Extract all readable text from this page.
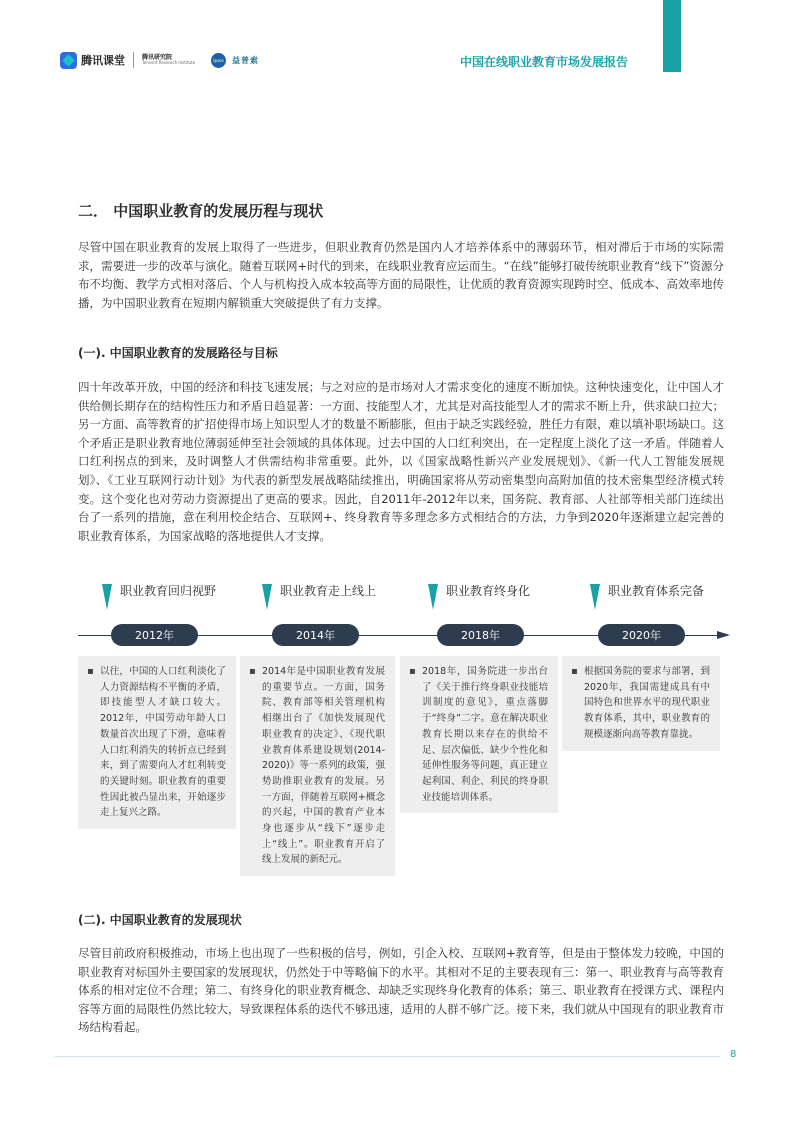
腾讯课堂	腾讯研究院
Tencent Research Institute
Ipsos 益普索	中国在线职业教育市场发展报告
二． 中国职业教育的发展历程与现状

尽管中国在职业教育的发展上取得了一些进步，但职业教育仍然是国内人才培养体系中的薄弱环节，相对滞后于市场的实际需求，需要进一步的改革与演化。随着互联网+时代的到来，在线职业教育应运而生。“在线”能够打破传统职业教育“线下”资源分布不均衡、教学方式相对落后、个人与机构投入成本较高等方面的局限性，让优质的教育资源实现跨时空、低成本、高效率地传播，为中国职业教育在短期内解锁重大突破提供了有力支撑。

(一). 中国职业教育的发展路径与目标

四十年改革开放，中国的经济和科技飞速发展；与之对应的是市场对人才需求变化的速度不断加快。这种快速变化，让中国人才供给侧长期存在的结构性压力和矛盾日趋显著：一方面、技能型人才，尤其是对高技能型人才的需求不断上升，供求缺口拉大；另一方面、高等教育的扩招使得市场上知识型人才的数量不断膨胀，但由于缺乏实践经验，胜任力有限，难以填补职场缺口。这个矛盾正是职业教育地位薄弱延伸至社会领域的具体体现。过去中国的人口红利突出，在一定程度上淡化了这一矛盾。伴随着人口红利拐点的到来，及时调整人才供需结构非常重要。此外，以《国家战略性新兴产业发展规划》、《新一代人工智能发展规划》、《工业互联网行动计划》为代表的新型发展战略陆续推出，明确国家将从劳动密集型向高附加值的技术密集型经济模式转变。这个变化也对劳动力资源提出了更高的要求。因此，自2011年-2012年以来，国务院、教育部、人社部等相关部门连续出台了一系列的措施，意在利用校企结合、互联网+、终身教育等多理念多方式相结合的方法，力争到2020年逐渐建立起完善的职业教育体系，为国家战略的落地提供人才支撑。

职业教育回归视野
2012年
职业教育走上线上
2014年
职业教育终身化
2018年
职业教育体系完备
2020年
▪ 以往，中国的人口红利淡化了人力资源结构不平衡的矛盾，即技能型人才缺口较大。2012年，中国劳动年龄人口数量首次出现了下滑，意味着人口红利消失的转折点已经到来，到了需要向人才红利转变的关键时刻。职业教育的重要性因此被凸显出来，开始逐步走上复兴之路。
▪ 2014年是中国职业教育发展的重要节点。一方面，国务院、教育部等相关管理机构相继出台了《加快发展现代职业教育的决定》、《现代职业教育体系建设规划(2014-2020)》等一系列的政策，强势助推职业教育的发展。另一方面，伴随着互联网+概念的兴起，中国的教育产业本身也逐步从“线下”逐步走上“线上”。职业教育开启了线上发展的新纪元。
▪ 2018年，国务院进一步出台了《关于推行终身职业技能培训制度的意见》，重点落脚于“终身”二字。意在解决职业教育长期以来存在的供给不足、层次偏低、缺少个性化和延伸性服务等问题，真正建立起利国、利企、利民的终身职业技能培训体系。
▪ 根据国务院的要求与部署，到2020年，我国需建成具有中国特色和世界水平的现代职业教育体系，其中，职业教育的规模逐渐向高等教育靠拢。
(二). 中国职业教育的发展现状

尽管目前政府积极推动，市场上也出现了一些积极的信号，例如，引企入校、互联网+教育等，但是由于整体发力较晚，中国的职业教育对标国外主要国家的发展现状，仍然处于中等略偏下的水平。其相对不足的主要表现有三：第一、职业教育与高等教育体系的相对定位不合理；第二、有终身化的职业教育概念、却缺乏实现终身化教育的体系；第三、职业教育在授课方式、课程内容等方面的局限性仍然比较大，导致课程体系的迭代不够迅速，适用的人群不够广泛。接下来，我们就从中国现有的职业教育市场结构看起。

8
